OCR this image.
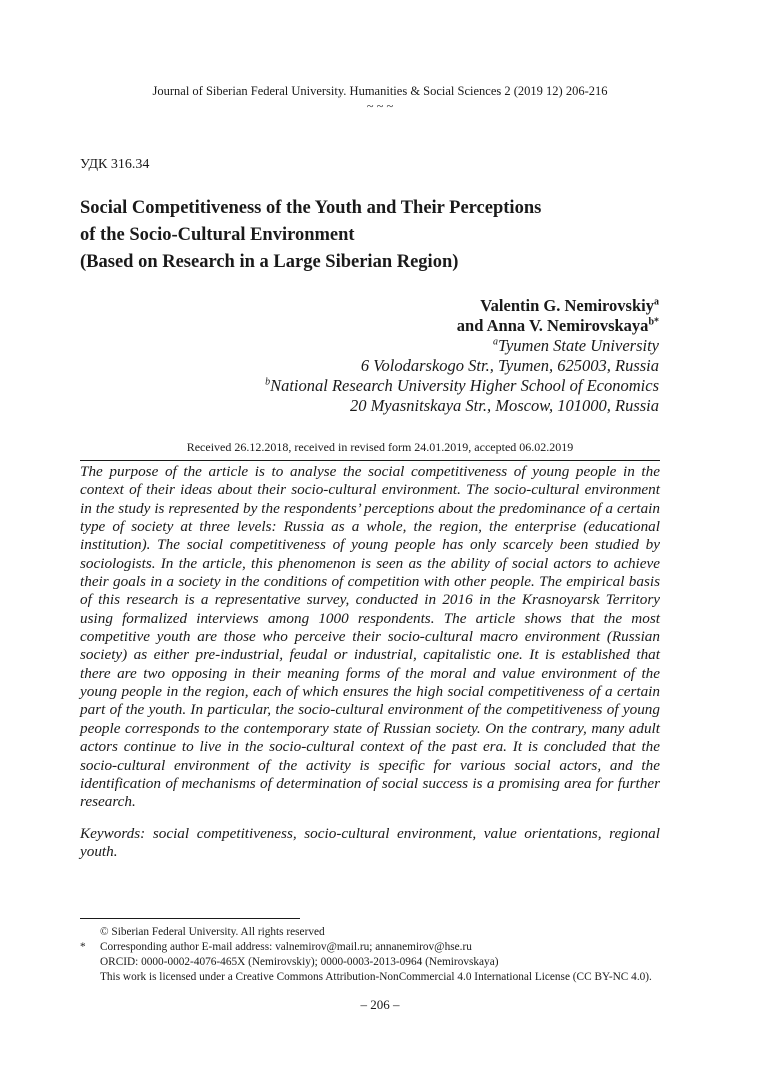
Journal of Siberian Federal University. Humanities & Social Sciences 2 (2019 12) 206-216
~ ~ ~
УДК 316.34
Social Competitiveness of the Youth and Their Perceptions
of the Socio-Cultural Environment
(Based on Research in a Large Siberian Region)
Valentin G. Nemirovskiy$^a$
and Anna V. Nemirovskaya$^{b*}$
$^a$Tyumen State University
6 Volodarskogo Str., Tyumen, 625003, Russia
$^b$National Research University Higher School of Economics
20 Myasnitskaya Str., Moscow, 101000, Russia
Received 26.12.2018, received in revised form 24.01.2019, accepted 06.02.2019

The purpose of the article is to analyse the social competitiveness of young people in the context of their ideas about their socio-cultural environment. The socio-cultural environment in the study is represented by the respondents’ perceptions about the predominance of a certain type of society at three levels: Russia as a whole, the region, the enterprise (educational institution). The social competitiveness of young people has only scarcely been studied by sociologists. In the article, this phenomenon is seen as the ability of social actors to achieve their goals in a society in the conditions of competition with other people. The empirical basis of this research is a representative survey, conducted in 2016 in the Krasnoyarsk Territory using formalized interviews among 1000 respondents. The article shows that the most competitive youth are those who perceive their socio-cultural macro environment (Russian society) as either pre-industrial, feudal or industrial, capitalistic one. It is established that there are two opposing in their meaning forms of the moral and value environment of the young people in the region, each of which ensures the high social competitiveness of a certain part of the youth. In particular, the socio-cultural environment of the competitiveness of young people corresponds to the contemporary state of Russian society. On the contrary, many adult actors continue to live in the socio-cultural context of the past era. It is concluded that the socio-cultural environment of the activity is specific for various social actors, and the identification of mechanisms of determination of social success is a promising area for further research.

Keywords: social competitiveness, socio-cultural environment, value orientations, regional youth.

© Siberian Federal University. All rights reserved
* Corresponding author E-mail address: valnemirov@mail.ru; annanemirov@hse.ru
ORCID: 0000-0002-4076-465X (Nemirovskiy); 0000-0003-2013-0964 (Nemirovskaya)
This work is licensed under a Creative Commons Attribution-NonCommercial 4.0 International License (CC BY-NC 4.0).
– 206 –
